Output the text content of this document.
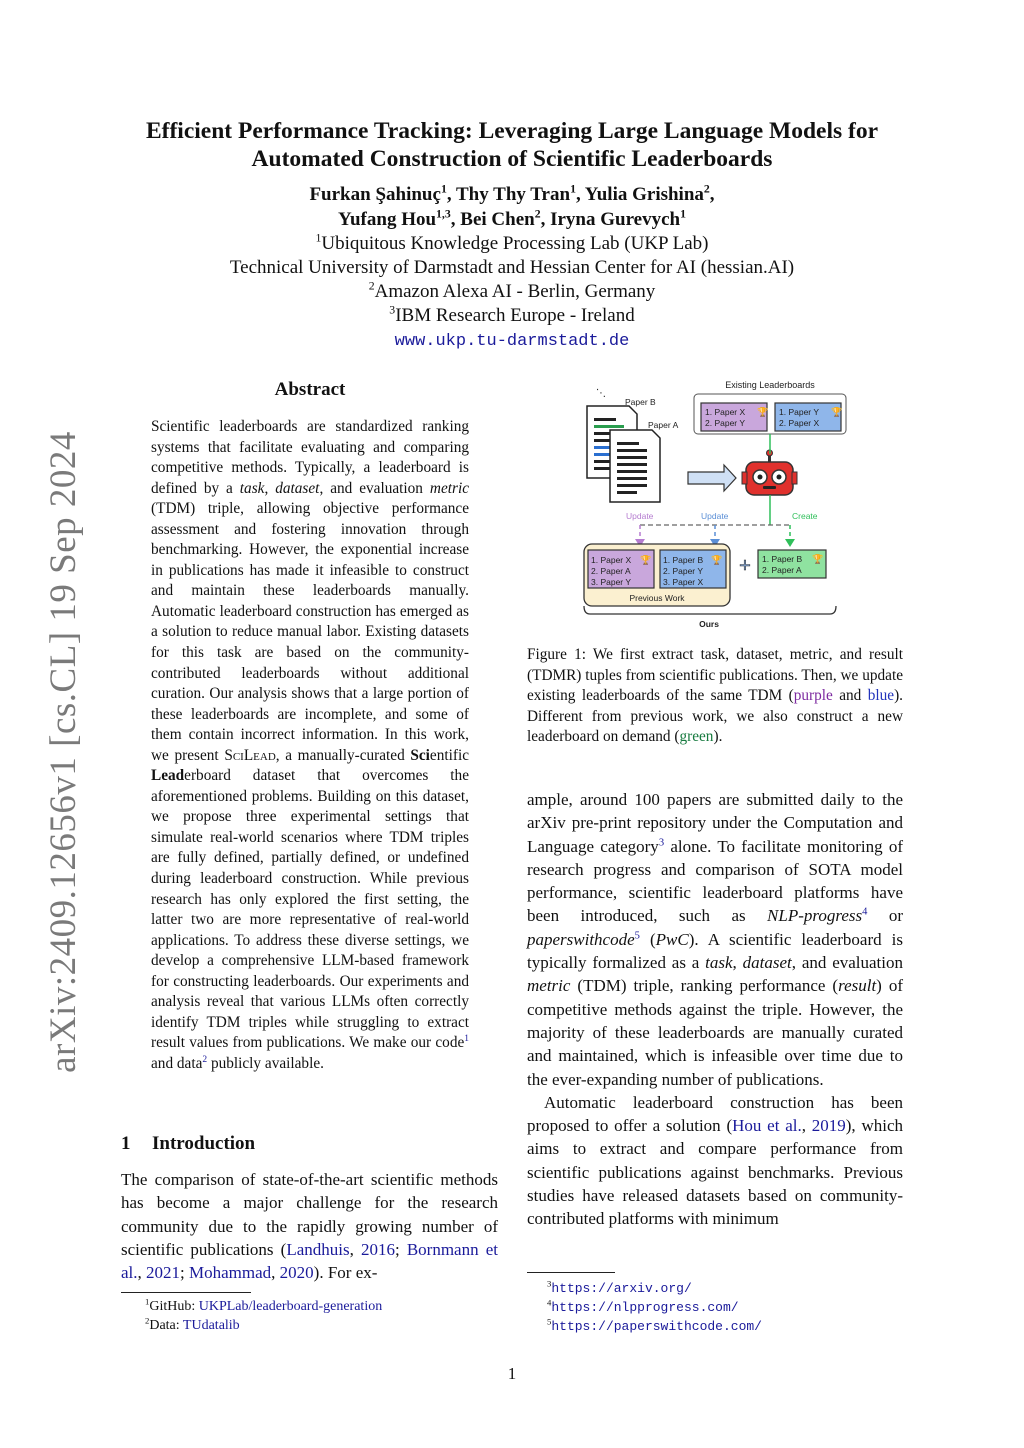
Efficient Performance Tracking: Leveraging Large Language Models for
Automated Construction of Scientific Leaderboards
Furkan Şahinuç$^1$, Thy Thy Tran$^1$, Yulia Grishina$^2$,
Yufang Hou$^{1,3}$, Bei Chen$^2$, Iryna Gurevych$^1$
$^1$Ubiquitous Knowledge Processing Lab (UKP Lab)
Technical University of Darmstadt and Hessian Center for AI (hessian.AI)
$^2$Amazon Alexa AI - Berlin, Germany
$^3$IBM Research Europe - Ireland
www.ukp.tu-darmstadt.de
arXiv:2409.12656v1 [cs.CL] 19 Sep 2024
Abstract
Scientific leaderboards are standardized ranking systems that facilitate evaluating and comparing competitive methods. Typically, a leaderboard is defined by a task, dataset, and evaluation metric (TDM) triple, allowing objective performance assessment and fostering innovation through benchmarking. However, the exponential increase in publications has made it infeasible to construct and maintain these leaderboards manually. Automatic leaderboard construction has emerged as a solution to reduce manual labor. Existing datasets for this task are based on the community-contributed leaderboards without additional curation. Our analysis shows that a large portion of these leaderboards are incomplete, and some of them contain incorrect information. In this work, we present SciLead, a manually-curated Scientific Leaderboard dataset that overcomes the aforementioned problems. Building on this dataset, we propose three experimental settings that simulate real-world scenarios where TDM triples are fully defined, partially defined, or undefined during leaderboard construction. While previous research has only explored the first setting, the latter two are more representative of real-world applications. To address these diverse settings, we develop a comprehensive LLM-based framework for constructing leaderboards. Our experiments and analysis reveal that various LLMs often correctly identify TDM triples while struggling to extract result values from publications. We make our code$^1$ and data$^2$ publicly available.
1 Introduction
The comparison of state-of-the-art scientific methods has become a major challenge for the research community due to the rapidly growing number of scientific publications (Landhuis, 2016; Bornmann et al., 2021; Mohammad, 2020). For ex-
$^1$GitHub: UKPLab/leaderboard-generation
$^2$Data: TUdatalib
Existing Leaderboards
1. Paper X
2. Paper Y
🏆 1. Paper Y
2. Paper X
🏆
⋱
Paper B
Paper A
Update	Update	Create
1. Paper X
2. Paper A
3. Paper Y
🏆 1. Paper B
2. Paper Y
3. Paper X
🏆
Previous Work
+ 1. Paper B
2. Paper A
🏆
Ours
Figure 1: We first extract task, dataset, metric, and result (TDMR) tuples from scientific publications. Then, we update existing leaderboards of the same TDM (purple and blue). Different from previous work, we also construct a new leaderboard on demand (green).

ample, around 100 papers are submitted daily to the arXiv pre-print repository under the Computation and Language category$^3$ alone. To facilitate monitoring of research progress and comparison of SOTA model performance, scientific leaderboard platforms have been introduced, such as NLP-progress$^4$ or paperswithcode$^5$ (PwC). A scientific leaderboard is typically formalized as a task, dataset, and evaluation metric (TDM) triple, ranking performance (result) of competitive methods against the triple. However, the majority of these leaderboards are manually curated and maintained, which is infeasible over time due to the ever-expanding number of publications.

Automatic leaderboard construction has been proposed to offer a solution (Hou et al., 2019), which aims to extract and compare performance from scientific publications against benchmarks. Previous studies have released datasets based on community-contributed platforms with minimum

$^3$https://arxiv.org/
$^4$https://nlpprogress.com/
$^5$https://paperswithcode.com/
1
